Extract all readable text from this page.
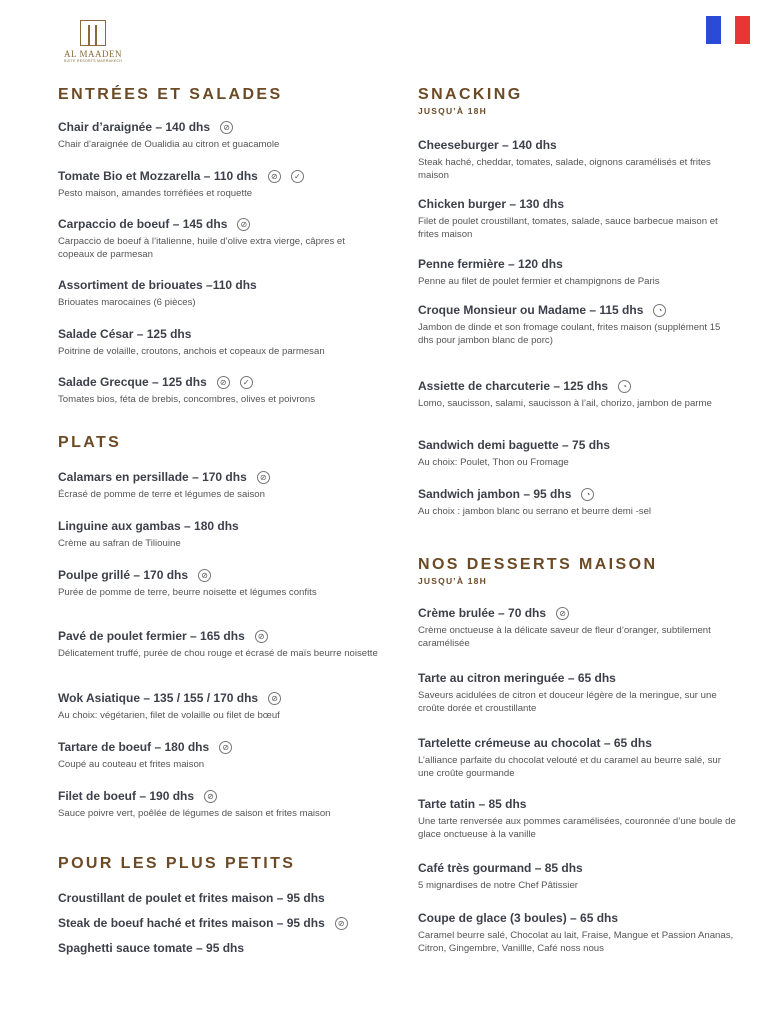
AL MAADEN
SUITE RESORTS MARRAKECH
ENTRÉES ET SALADES
Chair d’araignée – 140 dhs	⊘
Chair d’araignée de Oualidia au citron et guacamole
Tomate Bio et Mozzarella – 110 dhs	⊘	✓
Pesto maison, amandes torréfiées et roquette
Carpaccio de boeuf – 145 dhs	⊘
Carpaccio de boeuf à l’italienne, huile d’olive extra vierge, câpres et copeaux de parmesan
Assortiment de briouates –110 dhs
Briouates marocaines (6 pièces)
Salade César – 125 dhs
Poitrine de volaille, croutons, anchois et copeaux de parmesan
Salade Grecque – 125 dhs	⊘	✓
Tomates bios, féta de brebis, concombres, olives et poivrons
PLATS
Calamars en persillade – 170 dhs	⊘
Écrasé de pomme de terre et légumes de saison
Linguine aux gambas – 180 dhs
Crème au safran de Tiliouine
Poulpe grillé – 170 dhs	⊘
Purée de pomme de terre, beurre noisette et légumes confits
Pavé de poulet fermier – 165 dhs	⊘
Délicatement truffé, purée de chou rouge et écrasé de maïs beurre noisette
Wok Asiatique – 135 / 155 / 170 dhs	⊘
Au choix: végétarien, filet de volaille ou filet de bœuf
Tartare de boeuf – 180 dhs	⊘
Coupé au couteau et frites maison
Filet de boeuf – 190 dhs	⊘
Sauce poivre vert, poêlée de légumes de saison et frites maison
POUR LES PLUS PETITS
Croustillant de poulet et frites maison – 95 dhs
Steak de boeuf haché et frites maison – 95 dhs	⊘
Spaghetti sauce tomate – 95 dhs
SNACKING
JUSQU’À 18H
Cheeseburger – 140 dhs
Steak haché, cheddar, tomates, salade, oignons caramélisés et frites maison
Chicken burger – 130 dhs
Filet de poulet croustillant, tomates, salade, sauce barbecue maison et frites maison
Penne fermière – 120 dhs
Penne au filet de poulet fermier et champignons de Paris
Croque Monsieur ou Madame – 115 dhs	◔
Jambon de dinde et son fromage coulant, frites maison (supplément 15 dhs pour jambon blanc de porc)
Assiette de charcuterie – 125 dhs	◔
Lomo, saucisson, salami, saucisson à l’ail, chorizo, jambon de parme
Sandwich demi baguette – 75 dhs
Au choix: Poulet, Thon ou Fromage
Sandwich jambon – 95 dhs	◔
Au choix : jambon blanc ou serrano et beurre demi -sel
NOS DESSERTS MAISON
JUSQU’À 18H
Crème brulée – 70 dhs	⊘
Crème onctueuse à la délicate saveur de fleur d’oranger, subtilement caramélisée
Tarte au citron meringuée – 65 dhs
Saveurs acidulées de citron et douceur légère de la meringue, sur une croûte dorée et croustillante
Tartelette crémeuse au chocolat – 65 dhs
L’alliance parfaite du chocolat velouté et du caramel au beurre salé, sur une croûte gourmande
Tarte tatin – 85 dhs
Une tarte renversée aux pommes caramélisées, couronnée d’une boule de glace onctueuse à la vanille
Café très gourmand – 85 dhs
5 mignardises de notre Chef Pâtissier
Coupe de glace (3 boules) – 65 dhs
Caramel beurre salé, Chocolat au lait, Fraise, Mangue et Passion Ananas, Citron, Gingembre, Vanillle, Café noss nous
